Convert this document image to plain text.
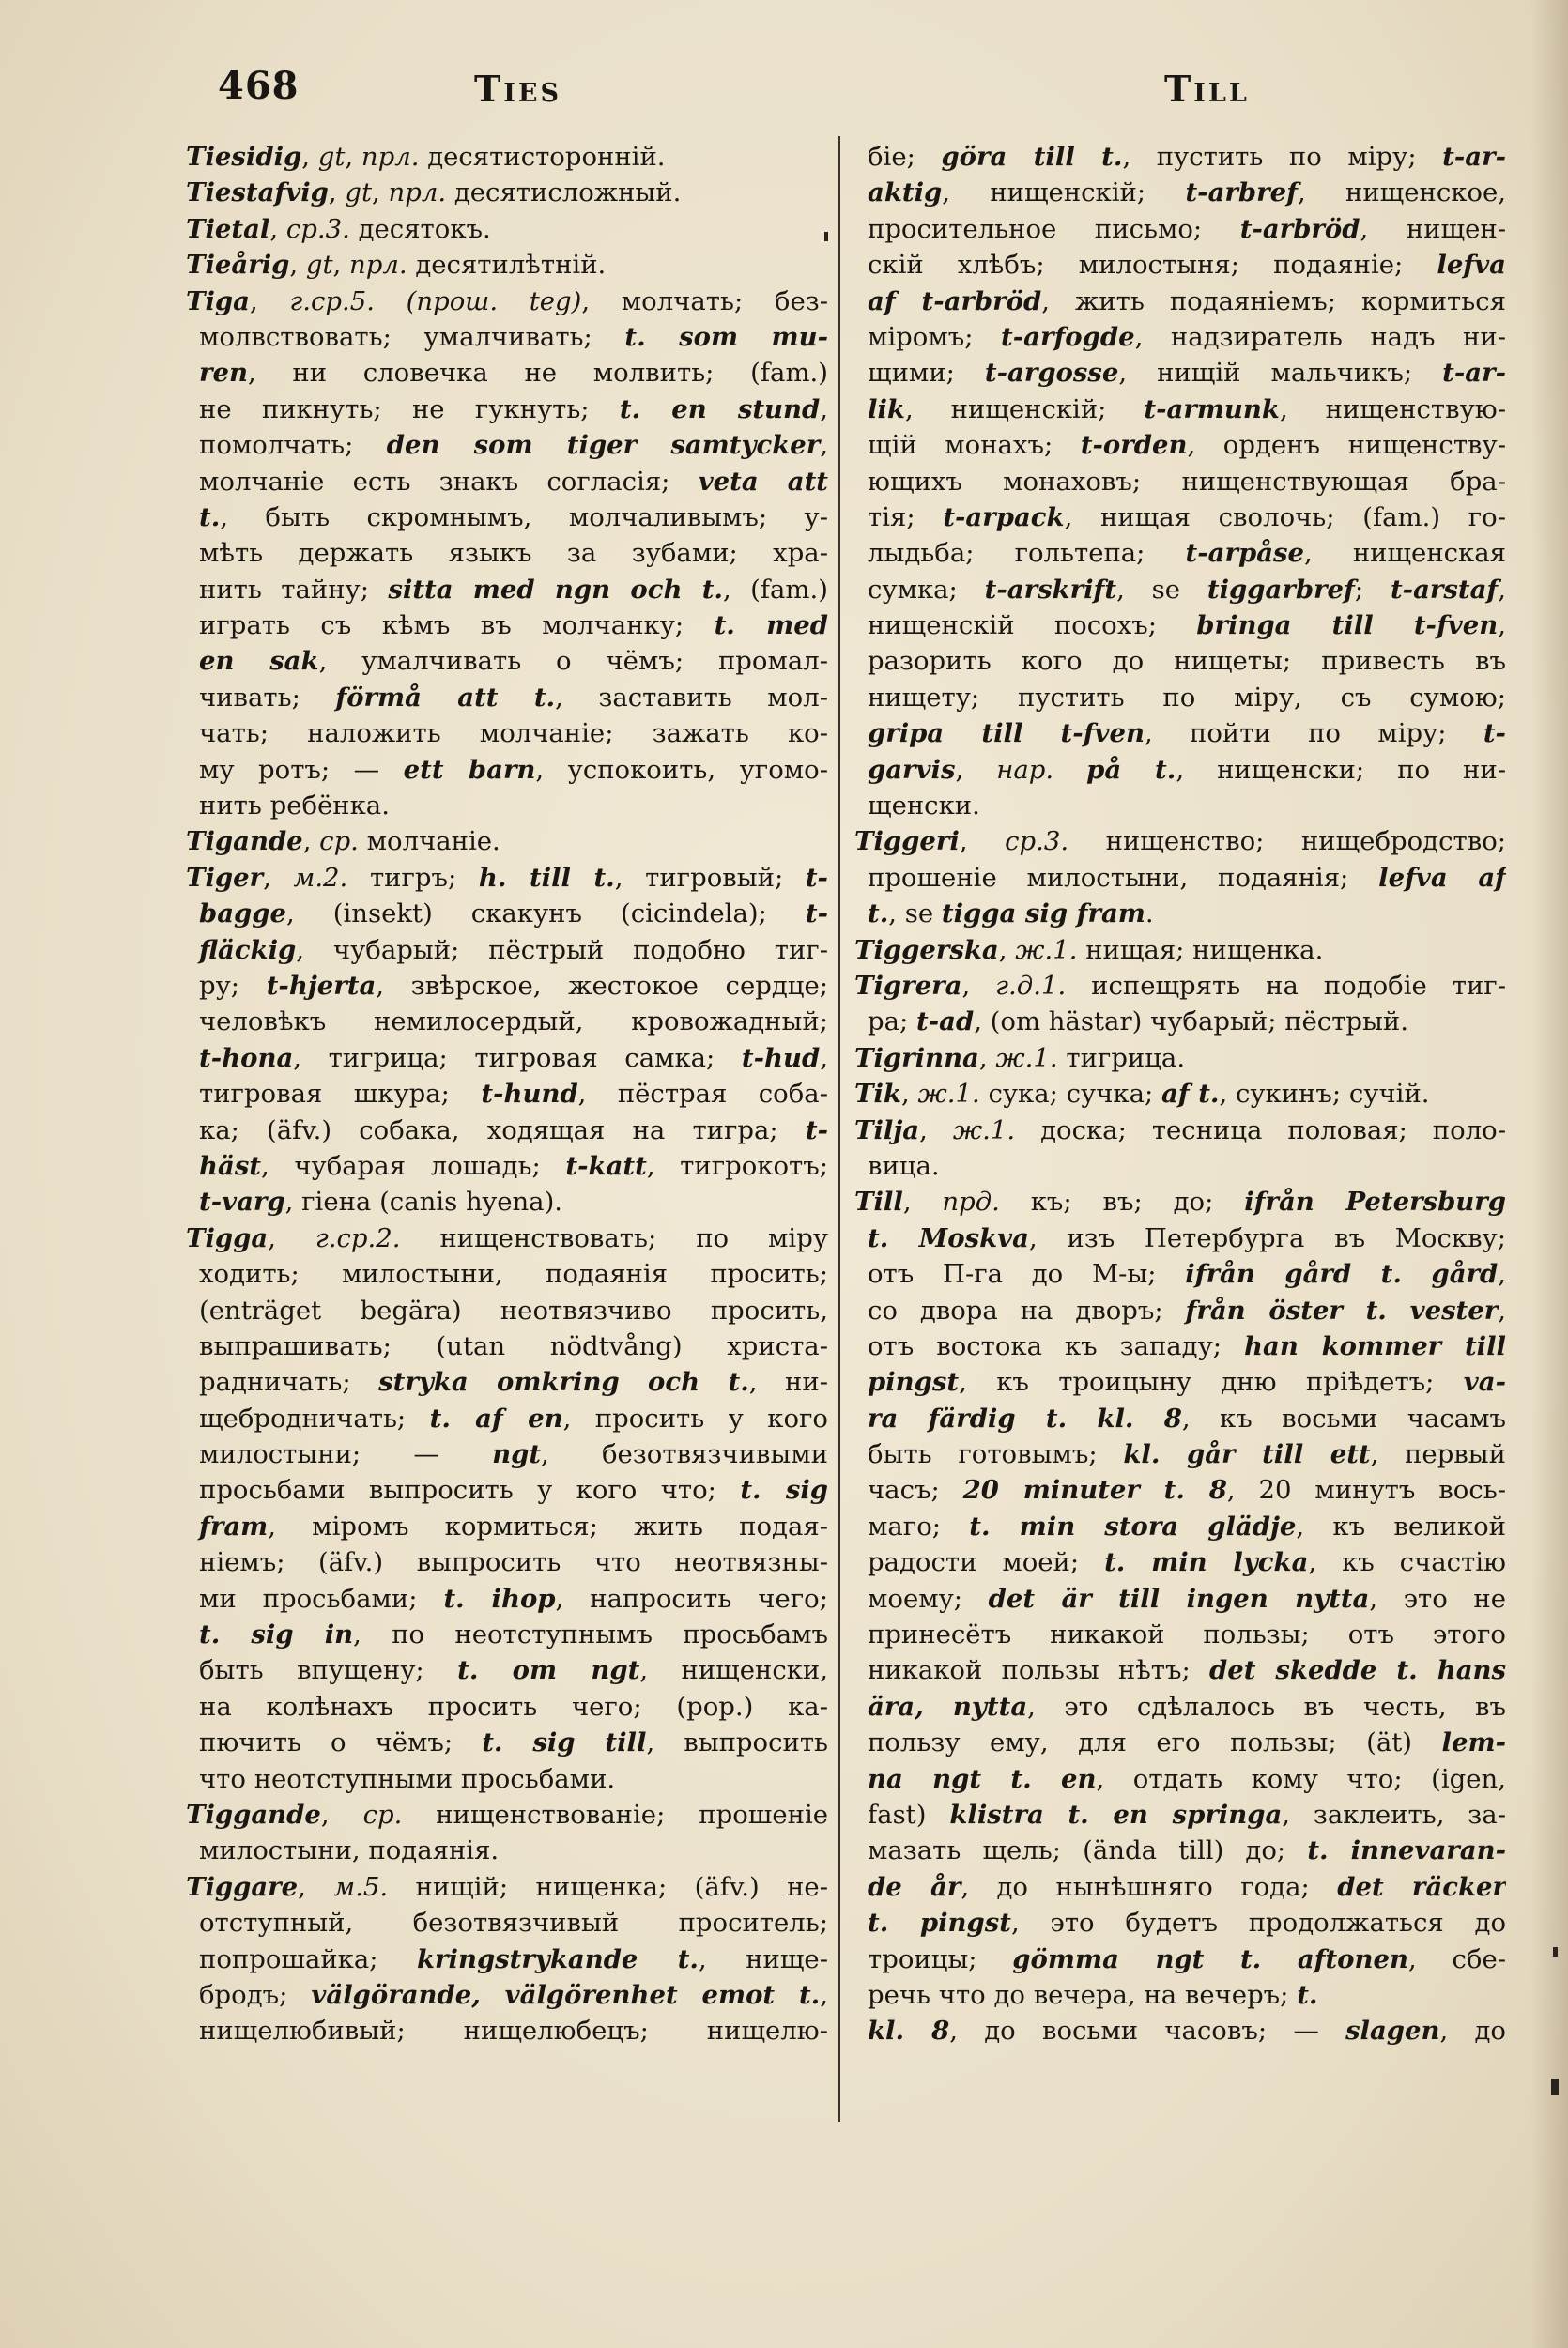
468	Ties	Till
Tiesidig, gt, прл. десятистороннiй.
Tiestafvig, gt, прл. десятисложный.
Tietal, ср.3. десятокъ.
Tieårig, gt, прл. десятилѣтнiй.
Tiga, г.ср.5. (прош. teg), молчать; без-
молвствовать; умалчивать; t. som mu-
ren, ни словечка не молвить; (fam.)
не пикнуть; не гукнуть; t. en stund,
помолчать; den som tiger samtycker,
молчанiе есть знакъ согласiя; veta att
t., быть скромнымъ, молчаливымъ; у-
мѣть держать языкъ за зубами; хра-
нить тайну; sitta med ngn och t., (fam.)
играть съ кѣмъ въ молчанку; t. med
en sak, умалчивать о чёмъ; промал-
чивать; förmå att t., заставить мол-
чать; наложить молчанiе; зажать ко-
му ротъ; — ett barn, успокоить, угомо-
нить ребёнка.
Tigande, ср. молчанiе.
Tiger, м.2. тигръ; h. till t., тигровый; t-
bagge, (insekt) скакунъ (cicindela); t-
fläckig, чубарый; пёстрый подобно тиг-
ру; t-hjerta, звѣрское, жестокое сердце;
человѣкъ немилосердый, кровожадный;
t-hona, тигрица; тигровая самка; t-hud,
тигровая шкура; t-hund, пёстрая соба-
ка; (äfv.) собака, ходящая на тигра; t-
häst, чубарая лошадь; t-katt, тигрокотъ;
t-varg, гiена (canis hyena).
Tigga, г.ср.2. нищенствовать; по мiру
ходить; милостыни, подаянiя просить;
(enträget begära) неотвязчиво просить,
выпрашивать; (utan nödtvång) христа-
радничать; stryka omkring och t., ни-
щебродничать; t. af en, просить у кого
милостыни; — ngt, безотвязчивыми
просьбами выпросить у кого что; t. sig
fram, мiромъ кормиться; жить подая-
нiемъ; (äfv.) выпросить что неотвязны-
ми просьбами; t. ihop, напросить чего;
t. sig in, по неотступнымъ просьбамъ
быть впущену; t. om ngt, нищенски,
на колѣнахъ просить чего; (pop.) ка-
пючить о чёмъ; t. sig till, выпросить
что неотступными просьбами.
Tiggande, ср. нищенствованiе; прошенiе
милостыни, подаянiя.
Tiggare, м.5. нищiй; нищенка; (äfv.) не-
отступный, безотвязчивый проситель;
попрошайка; kringstrykande t., нище-
бродъ; välgörande, välgörenhet emot t.,
нищелюбивый; нищелюбецъ; нищелю-
бiе; göra till t., пустить по мiру; t-ar-
aktig, нищенскiй; t-arbref, нищенское,
просительное письмо; t-arbröd, нищен-
скiй хлѣбъ; милостыня; подаянiе; lefva
af t-arbröd, жить подаянiемъ; кормиться
мiромъ; t-arfogde, надзиратель надъ ни-
щими; t-argosse, нищiй мальчикъ; t-ar-
lik, нищенскiй; t-armunk, нищенствую-
щiй монахъ; t-orden, орденъ нищенству-
ющихъ монаховъ; нищенствующая бра-
тiя; t-arpack, нищая сволочь; (fam.) го-
лыдьба; гольтепа; t-arpåse, нищенская
сумка; t-arskrift, se tiggarbref; t-arstaf,
нищенскiй посохъ; bringa till t-fven,
разорить кого до нищеты; привесть въ
нищету; пустить по мiру, съ сумою;
gripa till t-fven, пойти по мiру; t-
garvis, нар. på t., нищенски; по ни-
щенски.
Tiggeri, ср.3. нищенство; нищебродство;
прошенiе милостыни, подаянiя; lefva af
t., se tigga sig fram.
Tiggerska, ж.1. нищая; нищенка.
Tigrera, г.д.1. испещрять на подобiе тиг-
ра; t-ad, (om hästar) чубарый; пёстрый.
Tigrinna, ж.1. тигрица.
Tik, ж.1. сука; сучка; af t., сукинъ; сучiй.
Tilja, ж.1. доска; тесница половая; поло-
вица.
Till, прд. къ; въ; до; ifrån Petersburg
t. Moskva, изъ Петербурга въ Москву;
отъ П-га до М-ы; ifrån gård t. gård,
со двора на дворъ; från öster t. vester,
отъ востока къ западу; han kommer till
pingst, къ троицыну дню прiѣдетъ; va-
ra färdig t. kl. 8, къ восьми часамъ
быть готовымъ; kl. går till ett, первый
часъ; 20 minuter t. 8, 20 минутъ вось-
маго; t. min stora glädje, къ великой
радости моей; t. min lycka, къ счастiю
моему; det är till ingen nytta, это не
принесётъ никакой пользы; отъ этого
никакой пользы нѣтъ; det skedde t. hans
ära, nytta, это сдѣлалось въ честь, въ
пользу ему, для его пользы; (ät) lem-
na ngt t. en, отдать кому что; (igen,
fast) klistra t. en springa, заклеить, за-
мазать щель; (ända till) до; t. innevaran-
de år, до нынѣшняго года; det räcker
t. pingst, это будетъ продолжаться до
троицы; gömma ngt t. aftonen, сбе-
речь что до вечера, на вечеръ; t.
kl. 8, до восьми часовъ; — slagen, до
